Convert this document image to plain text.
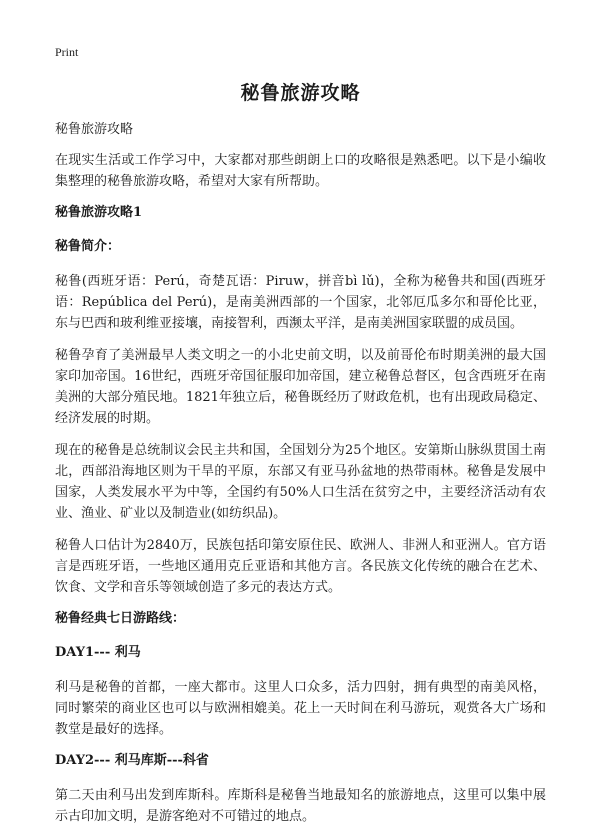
Print
秘鲁旅游攻略
秘鲁旅游攻略

在现实生活或工作学习中，大家都对那些朗朗上口的攻略很是熟悉吧。以下是小编收集整理的秘鲁旅游攻略，希望对大家有所帮助。

秘鲁旅游攻略1
秘鲁简介：

秘鲁(西班牙语：Perú，奇楚瓦语：Piruw，拼音bì lǔ)，全称为秘鲁共和国(西班牙语：República del Perú)，是南美洲西部的一个国家，北邻厄瓜多尔和哥伦比亚，东与巴西和玻利维亚接壤，南接智利，西濒太平洋，是南美洲国家联盟的成员国。

秘鲁孕育了美洲最早人类文明之一的小北史前文明，以及前哥伦布时期美洲的最大国家印加帝国。16世纪，西班牙帝国征服印加帝国，建立秘鲁总督区，包含西班牙在南美洲的大部分殖民地。1821年独立后，秘鲁既经历了财政危机，也有出现政局稳定、经济发展的时期。

现在的秘鲁是总统制议会民主共和国，全国划分为25个地区。安第斯山脉纵贯国土南北，西部沿海地区则为干旱的平原，东部又有亚马孙盆地的热带雨林。秘鲁是发展中国家，人类发展水平为中等，全国约有50%人口生活在贫穷之中，主要经济活动有农业、渔业、矿业以及制造业(如纺织品)。

秘鲁人口估计为2840万，民族包括印第安原住民、欧洲人、非洲人和亚洲人。官方语言是西班牙语，一些地区通用克丘亚语和其他方言。各民族文化传统的融合在艺术、饮食、文学和音乐等领域创造了多元的表达方式。

秘鲁经典七日游路线：
DAY1--- 利马

利马是秘鲁的首都，一座大都市。这里人口众多，活力四射，拥有典型的南美风格，同时繁荣的商业区也可以与欧洲相媲美。花上一天时间在利马游玩，观赏各大广场和教堂是最好的选择。

DAY2--- 利马库斯---科省

第二天由利马出发到库斯科。库斯科是秘鲁当地最知名的旅游地点，这里可以集中展示古印加文明，是游客绝对不可错过的地点。
